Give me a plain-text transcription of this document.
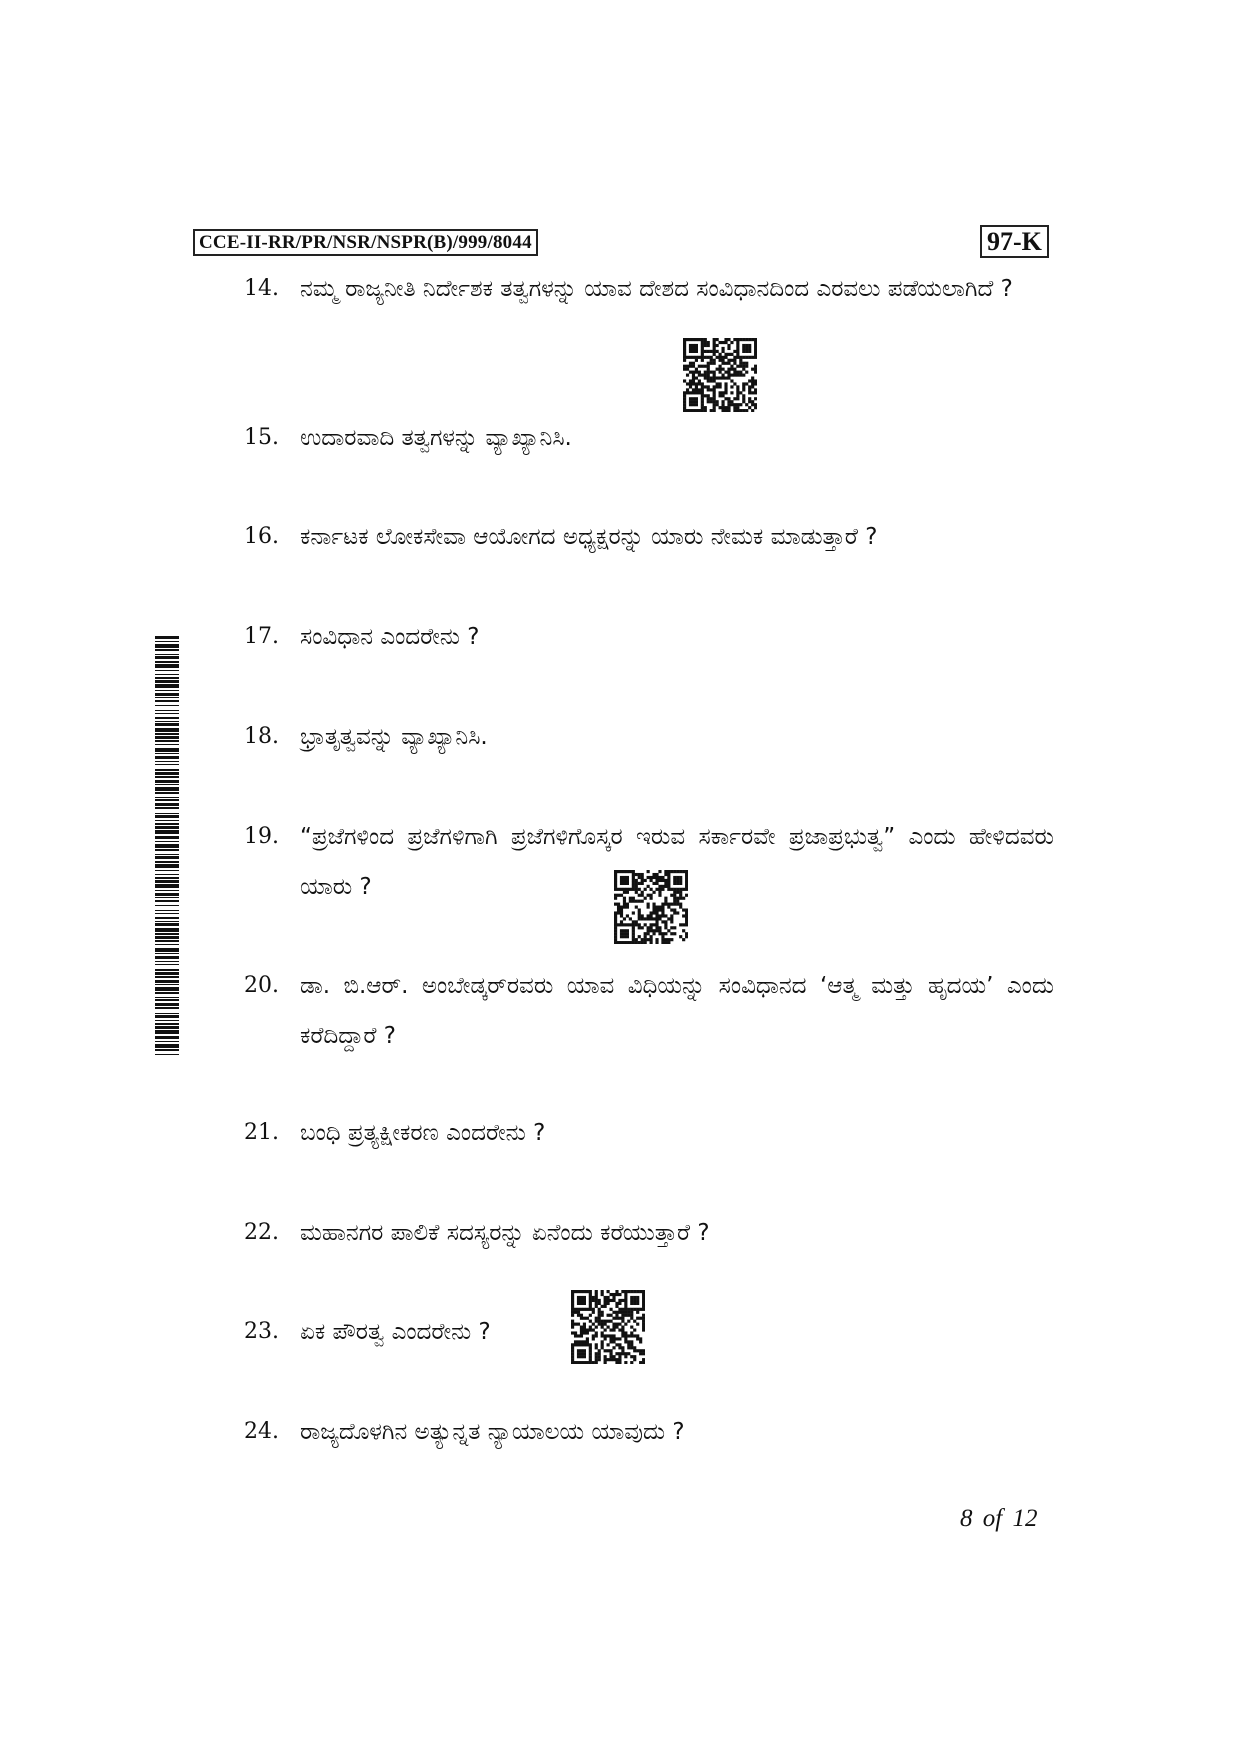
CCE-II-RR/PR/NSR/NSPR(B)/999/8044	97-K
14. ನಮ್ಮ ರಾಜ್ಯನೀತಿ ನಿರ್ದೇಶಕ ತತ್ವಗಳನ್ನು ಯಾವ ದೇಶದ ಸಂವಿಧಾನದಿಂದ ಎರವಲು ಪಡೆಯಲಾಗಿದೆ ?
15. ಉದಾರವಾದಿ ತತ್ವಗಳನ್ನು ವ್ಯಾಖ್ಯಾನಿಸಿ.
16. ಕರ್ನಾಟಕ ಲೋಕಸೇವಾ ಆಯೋಗದ ಅಧ್ಯಕ್ಷರನ್ನು ಯಾರು ನೇಮಕ ಮಾಡುತ್ತಾರೆ ?
17. ಸಂವಿಧಾನ ಎಂದರೇನು ?
18. ಭ್ರಾತೃತ್ವವನ್ನು ವ್ಯಾಖ್ಯಾನಿಸಿ.
19. “ಪ್ರಜೆಗಳಿಂದ ಪ್ರಜೆಗಳಿಗಾಗಿ ಪ್ರಜೆಗಳಿಗೊಸ್ಕರ ಇರುವ ಸರ್ಕಾರವೇ ಪ್ರಜಾಪ್ರಭುತ್ವ” ಎಂದು ಹೇಳಿದವರು ಯಾರು ?
20. ಡಾ. ಬಿ.ಆರ್. ಅಂಬೇಡ್ಕರ್‌ರವರು ಯಾವ ವಿಧಿಯನ್ನು ಸಂವಿಧಾನದ ‘ಆತ್ಮ ಮತ್ತು ಹೃದಯ’ ಎಂದು ಕರೆದಿದ್ದಾರೆ ?
21. ಬಂಧಿ ಪ್ರತ್ಯಕ್ಷೀಕರಣ ಎಂದರೇನು ?
22. ಮಹಾನಗರ ಪಾಲಿಕೆ ಸದಸ್ಯರನ್ನು ಏನೆಂದು ಕರೆಯುತ್ತಾರೆ ?
23. ಏಕ ಪೌರತ್ವ ಎಂದರೇನು ?
24. ರಾಜ್ಯದೊಳಗಿನ ಅತ್ಯುನ್ನತ ನ್ಯಾಯಾಲಯ ಯಾವುದು ?
8 of 12
